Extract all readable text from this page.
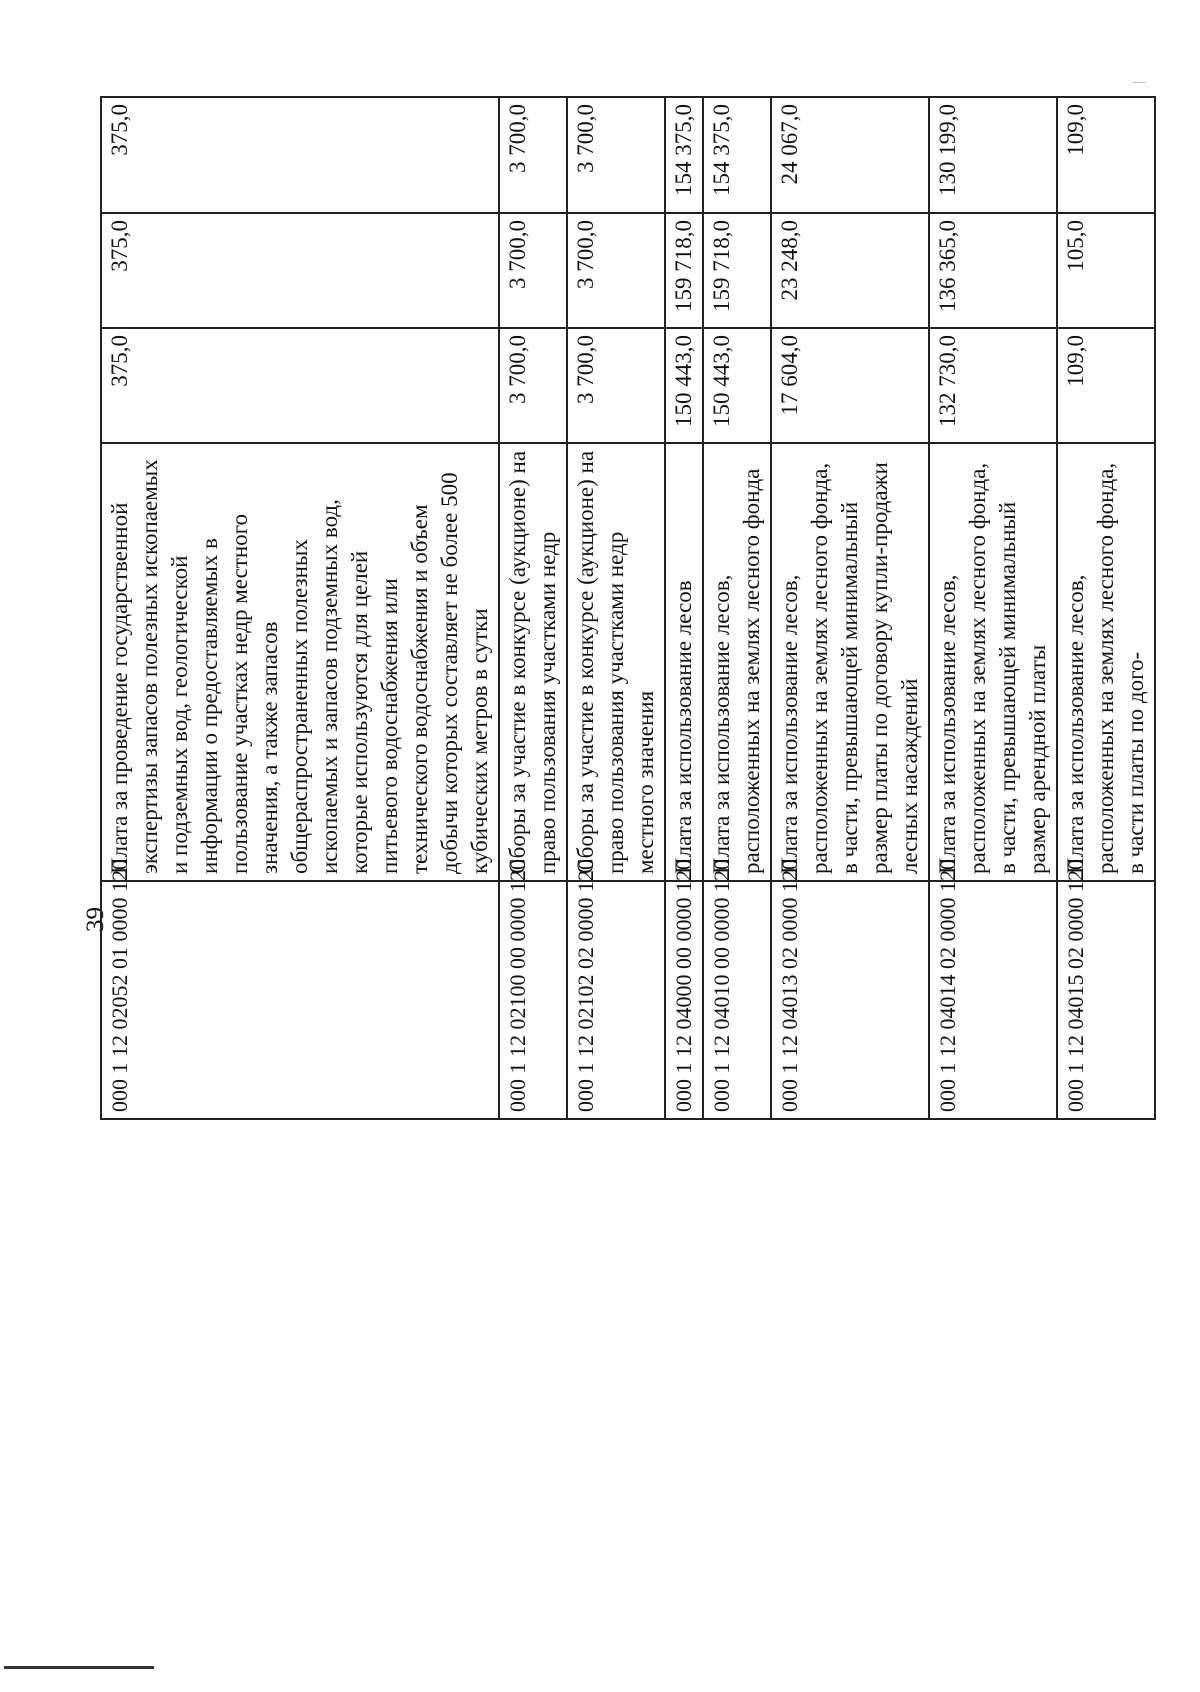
39
000 1 12 02052 01 0000 120	Плата за проведение государственной экспертизы запасов полезных ископаемых и подземных вод, геологической информации о предоставляемых в пользование участках недр местного значения, а также запасов общераспространенных полезных ископаемых и запасов подземных вод, которые используются для целей питьевого водоснабжения или технического водоснабжения и объем добычи которых составляет не более 500 кубических метров в сутки	375,0	375,0	375,0
000 1 12 02100 00 0000 120	Сборы за участие в конкурсе (аукционе) на право пользования участками недр	3 700,0	3 700,0	3 700,0
000 1 12 02102 02 0000 120	Сборы за участие в конкурсе (аукционе) на право пользования участками недр местного значения	3 700,0	3 700,0	3 700,0
000 1 12 04000 00 0000 120	Плата за использование лесов	150 443,0	159 718,0	154 375,0
000 1 12 04010 00 0000 120	Плата за использование лесов, расположенных на землях лесного фонда	150 443,0	159 718,0	154 375,0
000 1 12 04013 02 0000 120	Плата за использование лесов, расположенных на землях лесного фонда, в части, превышающей минимальный размер платы по договору купли-продажи лесных насаждений	17 604,0	23 248,0	24 067,0
000 1 12 04014 02 0000 120	Плата за использование лесов, расположенных на землях лесного фонда, в части, превышающей минимальный размер арендной платы	132 730,0	136 365,0	130 199,0
000 1 12 04015 02 0000 120	Плата за использование лесов, расположенных на землях лесного фонда, в части платы по дого-	109,0	105,0	109,0
